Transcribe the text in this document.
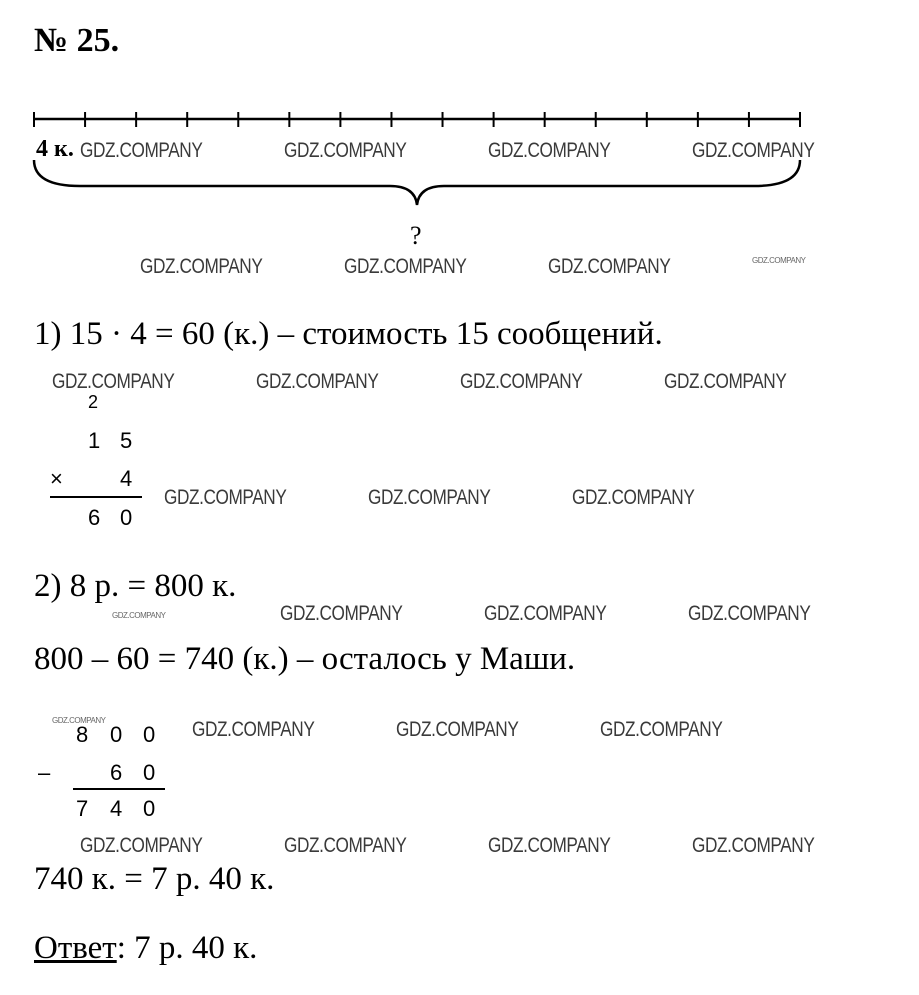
№ 25.
4 к.
?
1) 15 · 4 = 60 (к.) – стоимость 15 сообщений.
2
1 5
×	4
6 0
2) 8 р. = 800 к.
800 – 60 = 740 (к.) – осталось у Маши.
8 0 0
–	6 0
7 4 0
740 к. = 7 р. 40 к.
Ответ: 7 р. 40 к.
GDZ.COMPANY	GDZ.COMPANY	GDZ.COMPANY	GDZ.COMPANY
GDZ.COMPANY	GDZ.COMPANY	GDZ.COMPANY	GDZ.COMPANY
GDZ.COMPANY	GDZ.COMPANY	GDZ.COMPANY	GDZ.COMPANY
GDZ.COMPANY	GDZ.COMPANY	GDZ.COMPANY
GDZ.COMPANY	GDZ.COMPANY	GDZ.COMPANY	GDZ.COMPANY
GDZ.COMPANY	GDZ.COMPANY	GDZ.COMPANY	GDZ.COMPANY
GDZ.COMPANY	GDZ.COMPANY	GDZ.COMPANY	GDZ.COMPANY
